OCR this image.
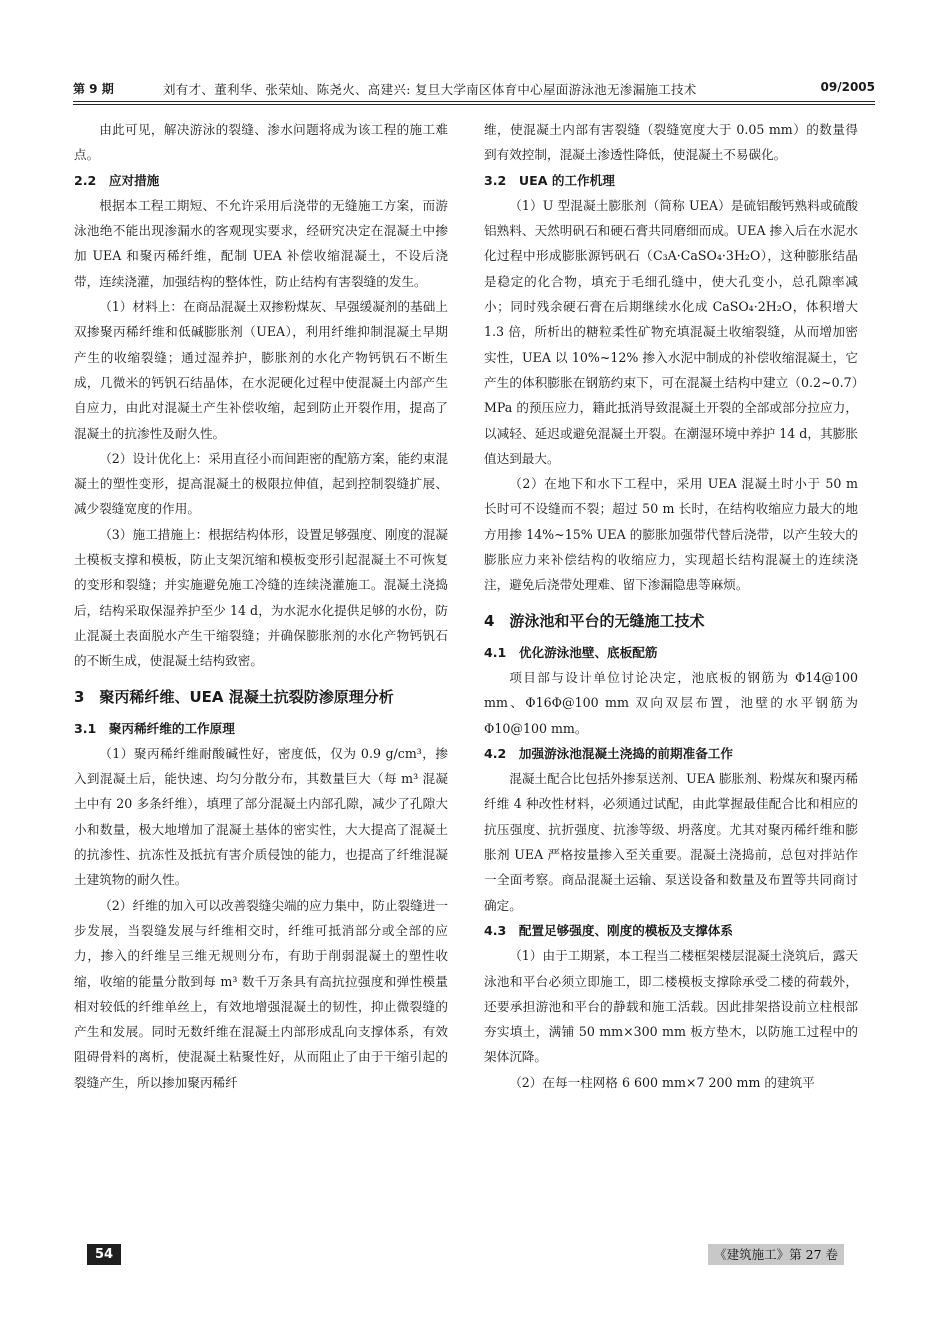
第 9 期	刘有才、董利华、张荣灿、陈尧火、高建兴: 复旦大学南区体育中心屋面游泳池无渗漏施工技术	09/2005

由此可见，解决游泳的裂缝、渗水问题将成为该工程的施工难点。

2.2　应对措施

根据本工程工期短、不允许采用后浇带的无缝施工方案，而游泳池绝不能出现渗漏水的客观现实要求，经研究决定在混凝土中掺加 UEA 和聚丙稀纤维，配制 UEA 补偿收缩混凝土，不设后浇带，连续浇灌，加强结构的整体性，防止结构有害裂缝的发生。

（1）材料上：在商品混凝土双掺粉煤灰、早强缓凝剂的基础上双掺聚丙稀纤维和低碱膨胀剂（UEA），利用纤维抑制混凝土早期产生的收缩裂缝；通过湿养护，膨胀剂的水化产物钙钒石不断生成，几微米的钙钒石结晶体，在水泥硬化过程中使混凝土内部产生自应力，由此对混凝土产生补偿收缩，起到防止开裂作用，提高了混凝土的抗渗性及耐久性。

（2）设计优化上：采用直径小而间距密的配筋方案，能约束混凝土的塑性变形，提高混凝土的极限拉伸值，起到控制裂缝扩展、减少裂缝宽度的作用。

（3）施工措施上：根据结构体形，设置足够强度、刚度的混凝土模板支撑和模板，防止支架沉缩和模板变形引起混凝土不可恢复的变形和裂缝；并实施避免施工冷缝的连续浇灌施工。混凝土浇捣后，结构采取保湿养护至少 14 d，为水泥水化提供足够的水份，防止混凝土表面脱水产生干缩裂缝；并确保膨胀剂的水化产物钙钒石的不断生成，使混凝土结构致密。

3　聚丙稀纤维、UEA 混凝土抗裂防渗原理分析
3.1　聚丙稀纤维的工作原理

（1）聚丙稀纤维耐酸碱性好，密度低，仅为 0.9 g/cm³，掺入到混凝土后，能快速、均匀分散分布，其数量巨大（每 m³ 混凝土中有 20 多条纤维），填理了部分混凝土内部孔隙，减少了孔隙大小和数量，极大地增加了混凝土基体的密实性，大大提高了混凝土的抗渗性、抗冻性及抵抗有害介质侵蚀的能力，也提高了纤维混凝土建筑物的耐久性。

（2）纤维的加入可以改善裂缝尖端的应力集中，防止裂缝进一步发展，当裂缝发展与纤维相交时，纤维可抵消部分或全部的应力，掺入的纤维呈三维无规则分布，有助于削弱混凝土的塑性收缩，收缩的能量分散到每 m³ 数千万条具有高抗拉强度和弹性模量相对较低的纤维单丝上，有效地增强混凝土的韧性，抑止微裂缝的产生和发展。同时无数纤维在混凝土内部形成乱向支撑体系，有效阻碍骨料的离析，使混凝土粘聚性好，从而阻止了由于干缩引起的裂缝产生，所以掺加聚丙稀纤

维，使混凝土内部有害裂缝（裂缝宽度大于 0.05 mm）的数量得到有效控制，混凝土渗透性降低，使混凝土不易碳化。

3.2　UEA 的工作机理

（1）U 型混凝土膨胀剂（简称 UEA）是硫铝酸钙熟料或硫酸铝熟料、天然明矾石和硬石膏共同磨细而成。UEA 掺入后在水泥水化过程中形成膨胀源钙矾石（C₃A·CaSO₄·3H₂O），这种膨胀结晶是稳定的化合物，填充于毛细孔缝中，使大孔变小，总孔隙率减小；同时残余硬石膏在后期继续水化成 CaSO₄·2H₂O，体积增大 1.3 倍，所析出的糖粒柔性矿物充填混凝土收缩裂缝，从而增加密实性，UEA 以 10%~12% 掺入水泥中制成的补偿收缩混凝土，它产生的体积膨胀在钢筋约束下，可在混凝土结构中建立（0.2~0.7）MPa 的预压应力，籍此抵消导致混凝土开裂的全部或部分拉应力，以减轻、延迟或避免混凝土开裂。在潮湿环境中养护 14 d，其膨胀值达到最大。

（2）在地下和水下工程中，采用 UEA 混凝土时小于 50 m 长时可不设缝而不裂；超过 50 m 长时，在结构收缩应力最大的地方用掺 14%~15% UEA 的膨胀加强带代替后浇带，以产生较大的膨胀应力来补偿结构的收缩应力，实现超长结构混凝土的连续浇注，避免后浇带处理难、留下渗漏隐患等麻烦。

4　游泳池和平台的无缝施工技术
4.1　优化游泳池壁、底板配筋

项目部与设计单位讨论决定，池底板的钢筋为 Φ14@100 mm、Φ16Φ@100 mm 双向双层布置，池壁的水平钢筋为 Φ10@100 mm。

4.2　加强游泳池混凝土浇捣的前期准备工作

混凝土配合比包括外掺泵送剂、UEA 膨胀剂、粉煤灰和聚丙稀纤维 4 种改性材料，必须通过试配，由此掌握最佳配合比和相应的抗压强度、抗折强度、抗渗等级、坍落度。尤其对聚丙稀纤维和膨胀剂 UEA 严格按量掺入至关重要。混凝土浇捣前，总包对拌站作一全面考察。商品混凝土运输、泵送设备和数量及布置等共同商讨确定。

4.3　配置足够强度、刚度的模板及支撑体系

（1）由于工期紧，本工程当二楼框架楼层混凝土浇筑后，露天泳池和平台必须立即施工，即二楼模板支撑除承受二楼的荷载外，还要承担游池和平台的静载和施工活载。因此排架搭设前立柱根部夯实填土，满铺 50 mm×300 mm 板方垫木，以防施工过程中的架体沉降。

（2）在每一柱网格 6 600 mm×7 200 mm 的建筑平

54	《建筑施工》第 27 卷
